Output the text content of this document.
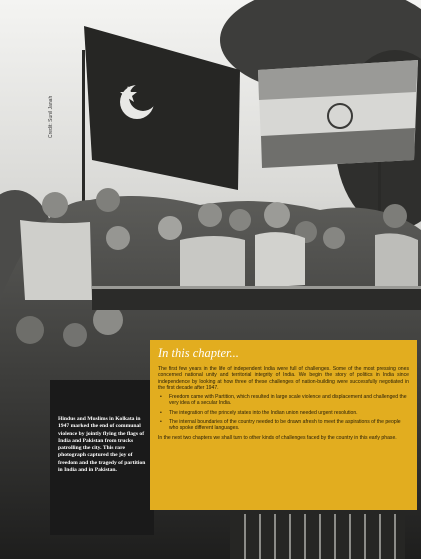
Credit: Sunil Janah

Hindus and Muslims in Kolkata in 1947 marked the end of communal violence by jointly flying the flags of India and Pakistan from trucks patrolling the city. This rare photograph captured the joy of freedom and the tragedy of partition in India and in Pakistan.

In this chapter...

The first few years in the life of independent India were full of challenges. Some of the most pressing ones concerned national unity and territorial integrity of India. We begin the story of politics in India since independence by looking at how three of these challenges of nation-building were successfully negotiated in the first decade after 1947.

• Freedom came with Partition, which resulted in large scale violence and displacement and challenged the very idea of a secular India.
• The integration of the princely states into the Indian union needed urgent resolution.
• The internal boundaries of the country needed to be drawn afresh to meet the aspirations of the people who spoke different languages.

In the next two chapters we shall turn to other kinds of challenges faced by the country in this early phase.
